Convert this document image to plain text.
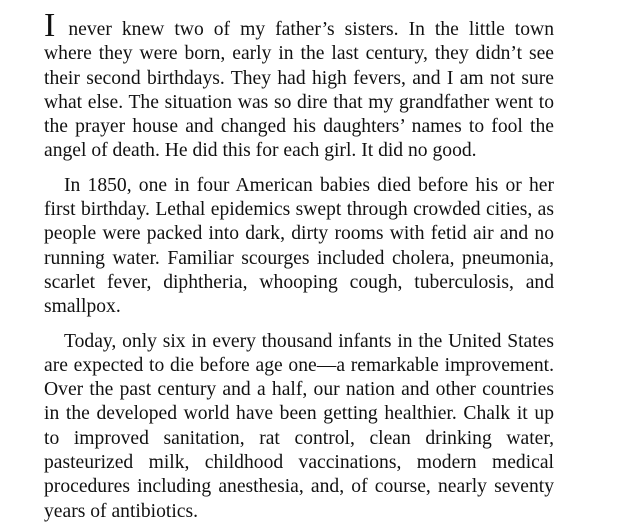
I never knew two of my father’s sisters. In the little town where they were born, early in the last century, they didn’t see their second birthdays. They had high fevers, and I am not sure what else. The situation was so dire that my grandfather went to the prayer house and changed his daughters’ names to fool the angel of death. He did this for each girl. It did no good.

In 1850, one in four American babies died before his or her first birthday. Lethal epidemics swept through crowded cities, as people were packed into dark, dirty rooms with fetid air and no running water. Familiar scourges included cholera, pneumonia, scarlet fever, diphtheria, whooping cough, tuberculosis, and smallpox.

Today, only six in every thousand infants in the United States are expected to die before age one—a remarkable improvement. Over the past century and a half, our nation and other countries in the developed world have been getting healthier. Chalk it up to improved sanitation, rat control, clean drinking water, pasteurized milk, childhood vaccinations, modern medical procedures including anesthesia, and, of course, nearly seventy years of antibiotics.
